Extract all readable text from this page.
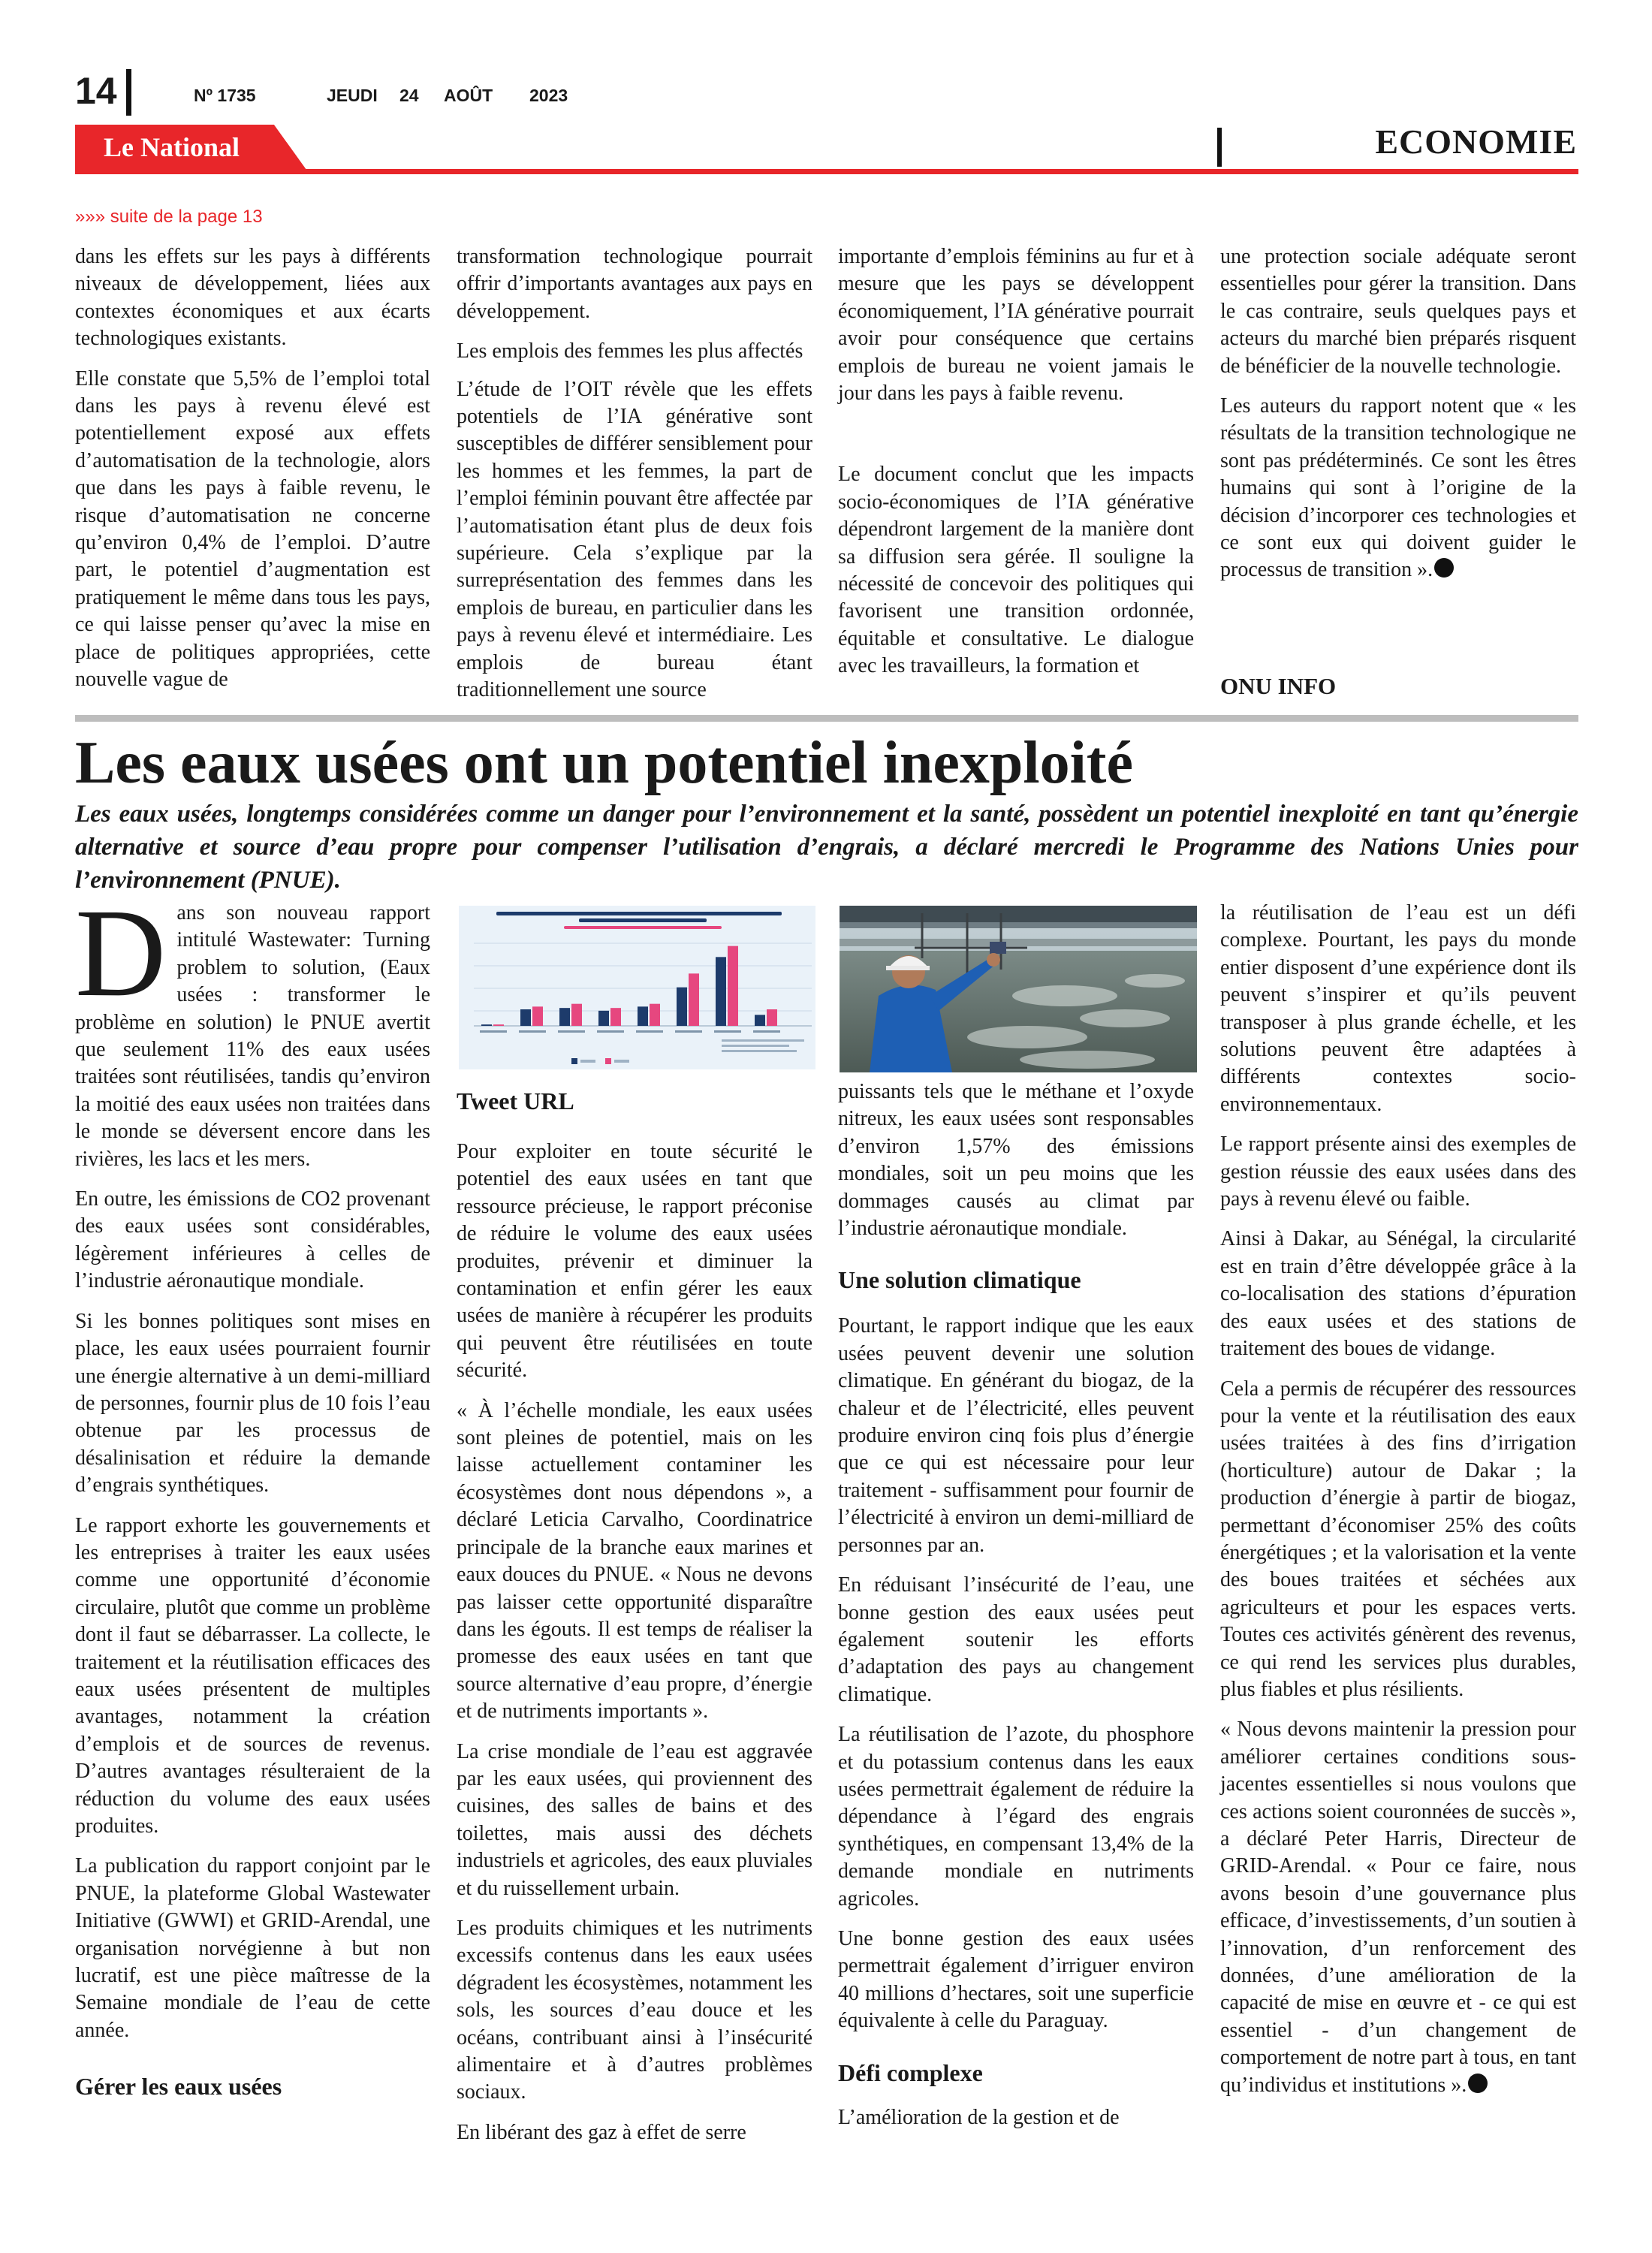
14	Nº 1735	JEUDI 24 AOÛT 2023
Le National	ECONOMIE
»»» suite de la page 13

dans les effets sur les pays à différents niveaux de développement, liées aux contextes économiques et aux écarts technologiques existants.

Elle constate que 5,5% de l’emploi total dans les pays à revenu élevé est potentiellement exposé aux effets d’automatisation de la technologie, alors que dans les pays à faible revenu, le risque d’automatisation ne concerne qu’environ 0,4% de l’emploi. D’autre part, le potentiel d’augmentation est pratiquement le même dans tous les pays, ce qui laisse penser qu’avec la mise en place de politiques appropriées, cette nouvelle vague de

transformation technologique pourrait offrir d’importants avantages aux pays en développement.

Les emplois des femmes les plus affectés

L’étude de l’OIT révèle que les effets potentiels de l’IA générative sont susceptibles de différer sensiblement pour les hommes et les femmes, la part de l’emploi féminin pouvant être affectée par l’automatisation étant plus de deux fois supérieure. Cela s’explique par la surreprésentation des femmes dans les emplois de bureau, en particulier dans les pays à revenu élevé et intermédiaire. Les emplois de bureau étant traditionnellement une source

importante d’emplois féminins au fur et à mesure que les pays se développent économiquement, l’IA générative pourrait avoir pour conséquence que certains emplois de bureau ne voient jamais le jour dans les pays à faible revenu.

Le document conclut que les impacts socio-économiques de l’IA générative dépendront largement de la manière dont sa diffusion sera gérée. Il souligne la nécessité de concevoir des politiques qui favorisent une transition ordonnée, équitable et consultative. Le dialogue avec les travailleurs, la formation et

une protection sociale adéquate seront essentielles pour gérer la transition. Dans le cas contraire, seuls quelques pays et acteurs du marché bien préparés risquent de bénéficier de la nouvelle technologie.

Les auteurs du rapport notent que « les résultats de la transition technologique ne sont pas prédéterminés. Ce sont les êtres humains qui sont à l’origine de la décision d’incorporer ces technologies et ce sont eux qui doivent guider le processus de transition ».

ONU INFO
Les eaux usées ont un potentiel inexploité
Les eaux usées, longtemps considérées comme un danger pour l’environnement et la santé, possèdent un potentiel inexploité en tant qu’énergie alternative et source d’eau propre pour compenser l’utilisation d’engrais, a déclaré mercredi le Programme des Nations Unies pour l’environnement (PNUE).

Dans son nouveau rapport intitulé Wastewater: Turning problem to solution, (Eaux usées : transformer le problème en solution) le PNUE avertit que seulement 11% des eaux usées traitées sont réutilisées, tandis qu’environ la moitié des eaux usées non traitées dans le monde se déversent encore dans les rivières, les lacs et les mers.

En outre, les émissions de CO2 provenant des eaux usées sont considérables, légèrement inférieures à celles de l’industrie aéronautique mondiale.

Si les bonnes politiques sont mises en place, les eaux usées pourraient fournir une énergie alternative à un demi-milliard de personnes, fournir plus de 10 fois l’eau obtenue par les processus de désalinisation et réduire la demande d’engrais synthétiques.

Le rapport exhorte les gouvernements et les entreprises à traiter les eaux usées comme une opportunité d’économie circulaire, plutôt que comme un problème dont il faut se débarrasser. La collecte, le traitement et la réutilisation efficaces des eaux usées présentent de multiples avantages, notamment la création d’emplois et de sources de revenus. D’autres avantages résulteraient de la réduction du volume des eaux usées produites.

La publication du rapport conjoint par le PNUE, la plateforme Global Wastewater Initiative (GWWI) et GRID-Arendal, une organisation norvégienne à but non lucratif, est une pièce maîtresse de la Semaine mondiale de l’eau de cette année.

Gérer les eaux usées
Tweet URL

Pour exploiter en toute sécurité le potentiel des eaux usées en tant que ressource précieuse, le rapport préconise de réduire le volume des eaux usées produites, prévenir et diminuer la contamination et enfin gérer les eaux usées de manière à récupérer les produits qui peuvent être réutilisées en toute sécurité.

« À l’échelle mondiale, les eaux usées sont pleines de potentiel, mais on les laisse actuellement contaminer les écosystèmes dont nous dépendons », a déclaré Leticia Carvalho, Coordinatrice principale de la branche eaux marines et eaux douces du PNUE. « Nous ne devons pas laisser cette opportunité disparaître dans les égouts. Il est temps de réaliser la promesse des eaux usées en tant que source alternative d’eau propre, d’énergie et de nutriments importants ».

La crise mondiale de l’eau est aggravée par les eaux usées, qui proviennent des cuisines, des salles de bains et des toilettes, mais aussi des déchets industriels et agricoles, des eaux pluviales et du ruissellement urbain.

Les produits chimiques et les nutriments excessifs contenus dans les eaux usées dégradent les écosystèmes, notamment les sols, les sources d’eau douce et les océans, contribuant ainsi à l’insécurité alimentaire et à d’autres problèmes sociaux.

En libérant des gaz à effet de serre

puissants tels que le méthane et l’oxyde nitreux, les eaux usées sont responsables d’environ 1,57% des émissions mondiales, soit un peu moins que les dommages causés au climat par l’industrie aéronautique mondiale.

Une solution climatique

Pourtant, le rapport indique que les eaux usées peuvent devenir une solution climatique. En générant du biogaz, de la chaleur et de l’électricité, elles peuvent produire environ cinq fois plus d’énergie que ce qui est nécessaire pour leur traitement - suffisamment pour fournir de l’électricité à environ un demi-milliard de personnes par an.

En réduisant l’insécurité de l’eau, une bonne gestion des eaux usées peut également soutenir les efforts d’adaptation des pays au changement climatique.

La réutilisation de l’azote, du phosphore et du potassium contenus dans les eaux usées permettrait également de réduire la dépendance à l’égard des engrais synthétiques, en compensant 13,4% de la demande mondiale en nutriments agricoles.

Une bonne gestion des eaux usées permettrait également d’irriguer environ 40 millions d’hectares, soit une superficie équivalente à celle du Paraguay.

Défi complexe

L’amélioration de la gestion et de

la réutilisation de l’eau est un défi complexe. Pourtant, les pays du monde entier disposent d’une expérience dont ils peuvent s’inspirer et qu’ils peuvent transposer à plus grande échelle, et les solutions peuvent être adaptées à différents contextes socio-environnementaux.

Le rapport présente ainsi des exemples de gestion réussie des eaux usées dans des pays à revenu élevé ou faible.

Ainsi à Dakar, au Sénégal, la circularité est en train d’être développée grâce à la co-localisation des stations d’épuration des eaux usées et des stations de traitement des boues de vidange.

Cela a permis de récupérer des ressources pour la vente et la réutilisation des eaux usées traitées à des fins d’irrigation (horticulture) autour de Dakar ; la production d’énergie à partir de biogaz, permettant d’économiser 25% des coûts énergétiques ; et la valorisation et la vente des boues traitées et séchées aux agriculteurs et pour les espaces verts. Toutes ces activités génèrent des revenus, ce qui rend les services plus durables, plus fiables et plus résilients.

« Nous devons maintenir la pression pour améliorer certaines conditions sous-jacentes essentielles si nous voulons que ces actions soient couronnées de succès », a déclaré Peter Harris, Directeur de GRID-Arendal. « Pour ce faire, nous avons besoin d’une gouvernance plus efficace, d’investissements, d’un soutien à l’innovation, d’un renforcement des données, d’une amélioration de la capacité de mise en œuvre et - ce qui est essentiel - d’un changement de comportement de notre part à tous, en tant qu’individus et institutions ».
